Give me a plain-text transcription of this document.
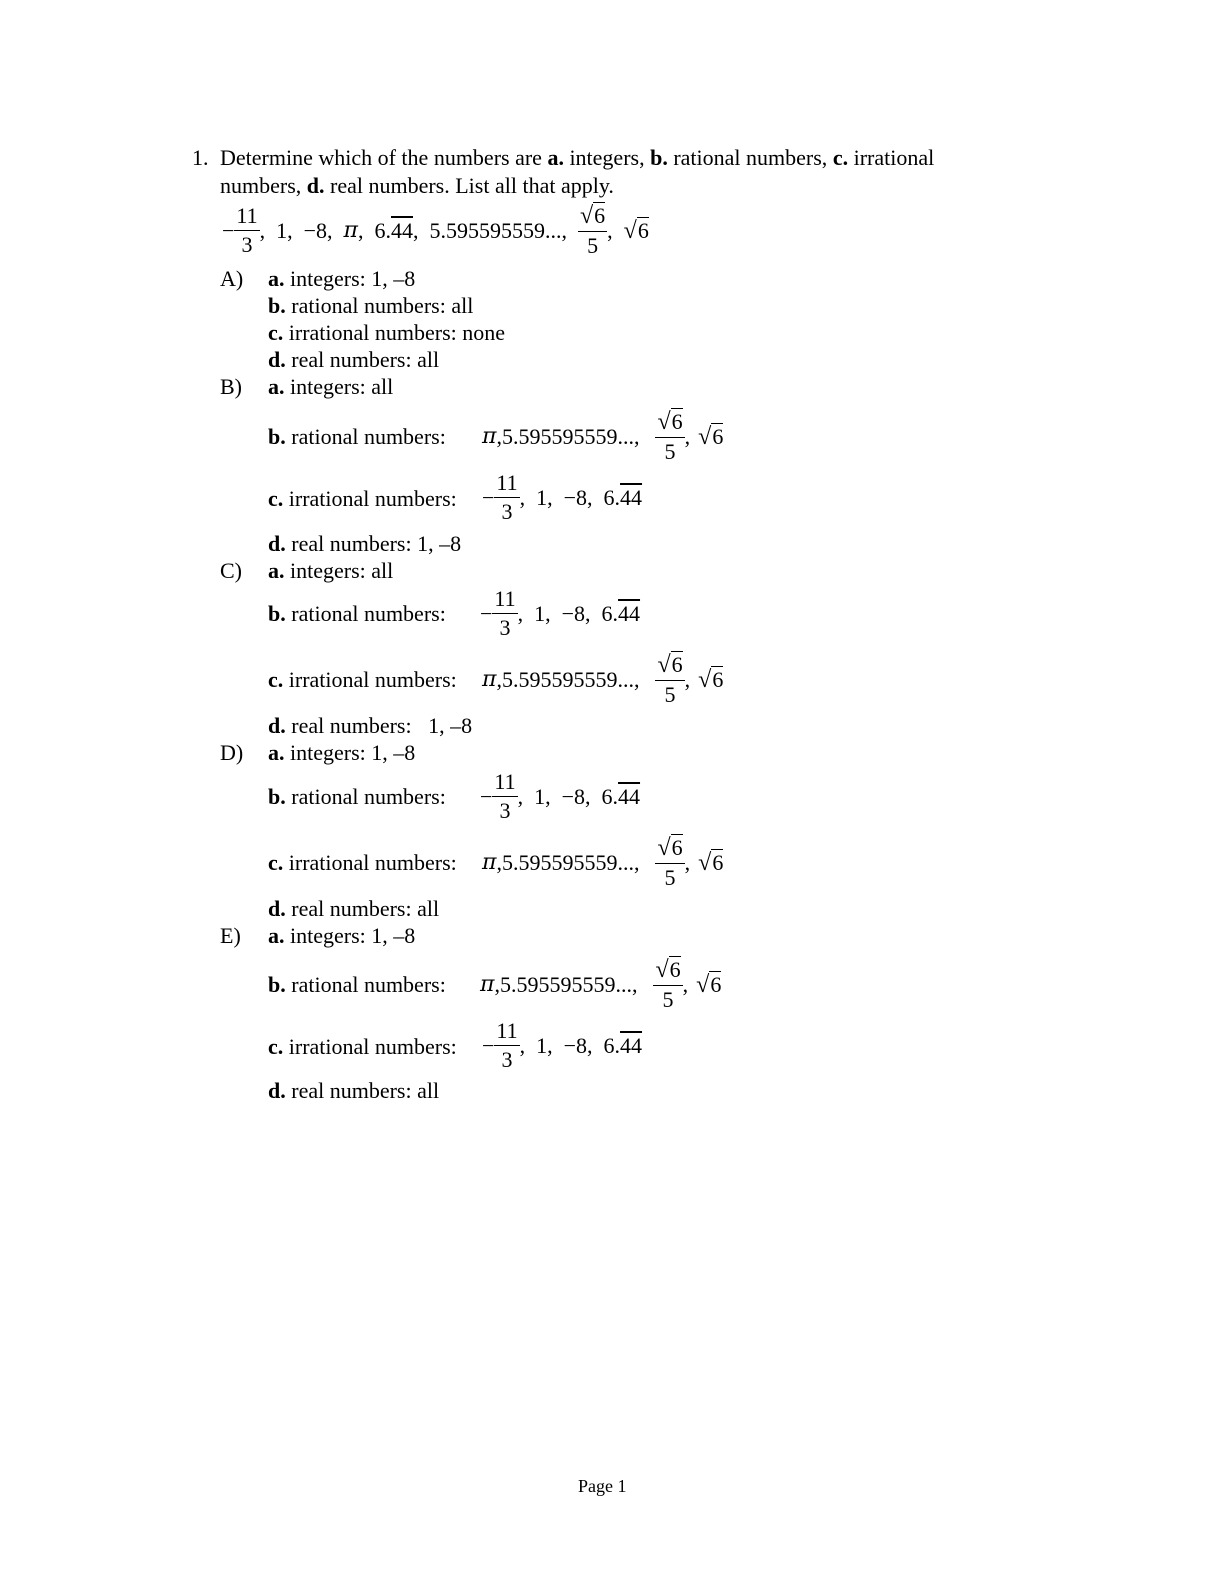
1. Determine which of the numbers are a. integers, b. rational numbers, c. irrational
numbers, d. real numbers. List all that apply.
− $\frac{11}{3}$ ,  1,  −8, π ,  6. 44 ,  5.595595559..., $\frac{√6}{5}$ , √6
A) a. integers: 1, –8
b. rational numbers: all
c. irrational numbers: none
d. real numbers: all
B) a. integers: all
b. rational numbers: π ,5.595595559..., $\frac{√6}{5}$ , √6
c. irrational numbers: − $\frac{11}{3}$ ,  1,  −8,  6. 44
d. real numbers: 1, –8
C) a. integers: all
b. rational numbers: − $\frac{11}{3}$ ,  1,  −8,  6. 44
c. irrational numbers: π ,5.595595559..., $\frac{√6}{5}$ , √6
d. real numbers:   1, –8
D) a. integers: 1, –8
b. rational numbers: − $\frac{11}{3}$ ,  1,  −8,  6. 44
c. irrational numbers: π ,5.595595559..., $\frac{√6}{5}$ , √6
d. real numbers: all
E) a. integers: 1, –8
b. rational numbers: π ,5.595595559..., $\frac{√6}{5}$ , √6
c. irrational numbers: − $\frac{11}{3}$ ,  1,  −8,  6. 44
d. real numbers: all
Page 1
